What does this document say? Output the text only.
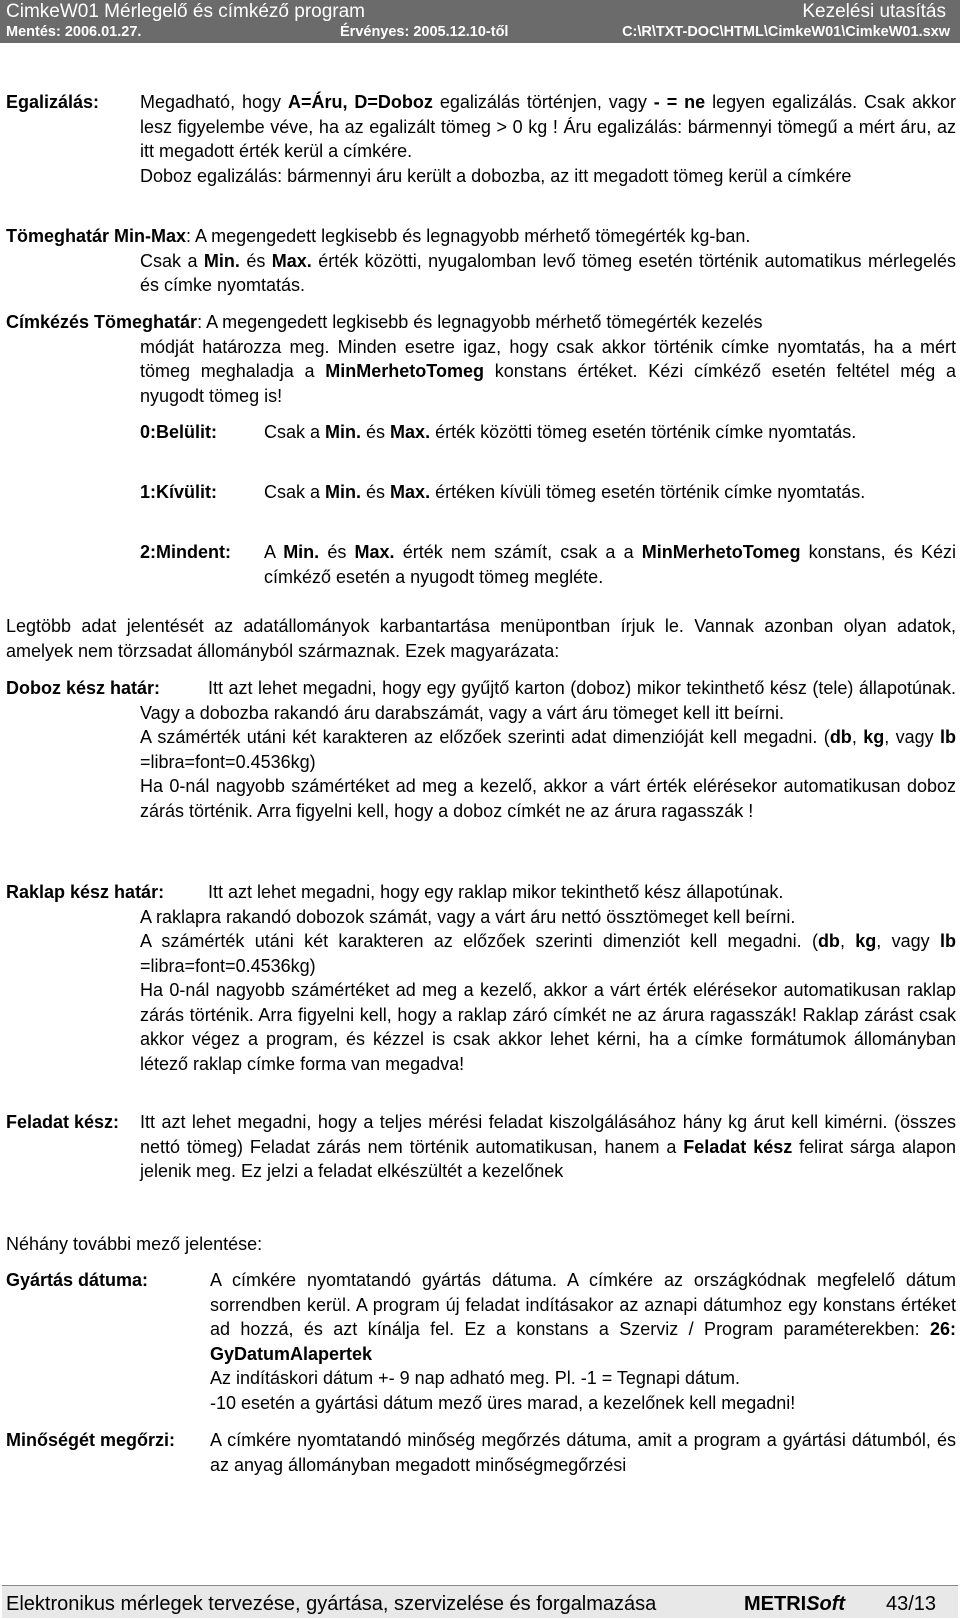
CimkeW01 Mérlegelő és címkéző program	Kezelési utasítás
Mentés: 2006.01.27.	Érvényes: 2005.12.10-től	C:\R\TXT-DOC\HTML\CimkeW01\CimkeW01.sxw
Egalizálás: Megadható, hogy A=Áru, D=Doboz egalizálás történjen, vagy - = ne legyen egalizálás. Csak akkor lesz figyelembe véve, ha az egalizált tömeg > 0 kg ! Áru egalizálás: bármennyi tömegű a mért áru, az itt megadott érték kerül a címkére.
Doboz egalizálás: bármennyi áru került a dobozba, az itt megadott tömeg kerül a címkére
Tömeghatár Min-Max: A megengedett legkisebb és legnagyobb mérhető tömegérték kg-ban.
Csak a Min. és Max. érték közötti, nyugalomban levő tömeg esetén történik automatikus mérlegelés és címke nyomtatás.
Címkézés Tömeghatár: A megengedett legkisebb és legnagyobb mérhető tömegérték kezelés
módját határozza meg. Minden esetre igaz, hogy csak akkor történik címke nyomtatás, ha a mért tömeg meghaladja a MinMerhetoTomeg konstans értéket. Kézi címkéző esetén feltétel még a nyugodt tömeg is!
0:Belülit:	Csak a Min. és Max. érték közötti tömeg esetén történik címke nyomtatás.
1:Kívülit:	Csak a Min. és Max. értéken kívüli tömeg esetén történik címke nyomtatás.
2:Mindent: A Min. és Max. érték nem számít, csak a a MinMerhetoTomeg konstans, és Kézi címkéző esetén a nyugodt tömeg megléte.
Legtöbb adat jelentését az adatállományok karbantartása menüpontban írjuk le. Vannak azonban olyan adatok, amelyek nem törzsadat állományból származnak. Ezek magyarázata:
Doboz kész határ:	Itt azt lehet megadni, hogy egy gyűjtő karton (doboz) mikor tekinthető kész (tele) állapotúnak. Vagy a dobozba rakandó áru darabszámát, vagy a várt áru tömeget kell itt beírni.
A számérték utáni két karakteren az előzőek szerinti adat dimenzióját kell megadni. (db, kg, vagy lb =libra=font=0.4536kg)
Ha 0-nál nagyobb számértéket ad meg a kezelő, akkor a várt érték elérésekor automatikusan doboz zárás történik. Arra figyelni kell, hogy a doboz címkét ne az árura ragasszák !
Raklap kész határ:	Itt azt lehet megadni, hogy egy raklap mikor tekinthető kész állapotúnak.
A raklapra rakandó dobozok számát, vagy a várt áru nettó össztömeget kell beírni.
A számérték utáni két karakteren az előzőek szerinti dimenziót kell megadni. (db, kg, vagy lb =libra=font=0.4536kg)
Ha 0-nál nagyobb számértéket ad meg a kezelő, akkor a várt érték elérésekor automatikusan raklap zárás történik. Arra figyelni kell, hogy a raklap záró címkét ne az árura ragasszák! Raklap zárást csak akkor végez a program, és kézzel is csak akkor lehet kérni, ha a címke formátumok állományban létező raklap címke forma van megadva!
Feladat kész: Itt azt lehet megadni, hogy a teljes mérési feladat kiszolgálásához hány kg árut kell kimérni. (összes nettó tömeg) Feladat zárás nem történik automatikusan, hanem a Feladat kész felirat sárga alapon jelenik meg. Ez jelzi a feladat elkészültét a kezelőnek
Néhány további mező jelentése:
Gyártás dátuma:	A címkére nyomtatandó gyártás dátuma. A címkére az országkódnak megfelelő dátum sorrendben kerül. A program új feladat indításakor az aznapi dátumhoz egy konstans értéket ad hozzá, és azt kínálja fel. Ez a konstans a Szerviz / Program paraméterekben: 26: GyDatumAlapertek
Az indításkori dátum +- 9 nap adható meg. Pl. -1 = Tegnapi dátum.
-10 esetén a gyártási dátum mező üres marad, a kezelőnek kell megadni!
Minőségét megőrzi: A címkére nyomtatandó minőség megőrzés dátuma, amit a program a gyártási dátumból, és az anyag állományban megadott minőségmegőrzési
Elektronikus mérlegek tervezése, gyártása, szervizelése és forgalmazása	METRISoft 43/13
